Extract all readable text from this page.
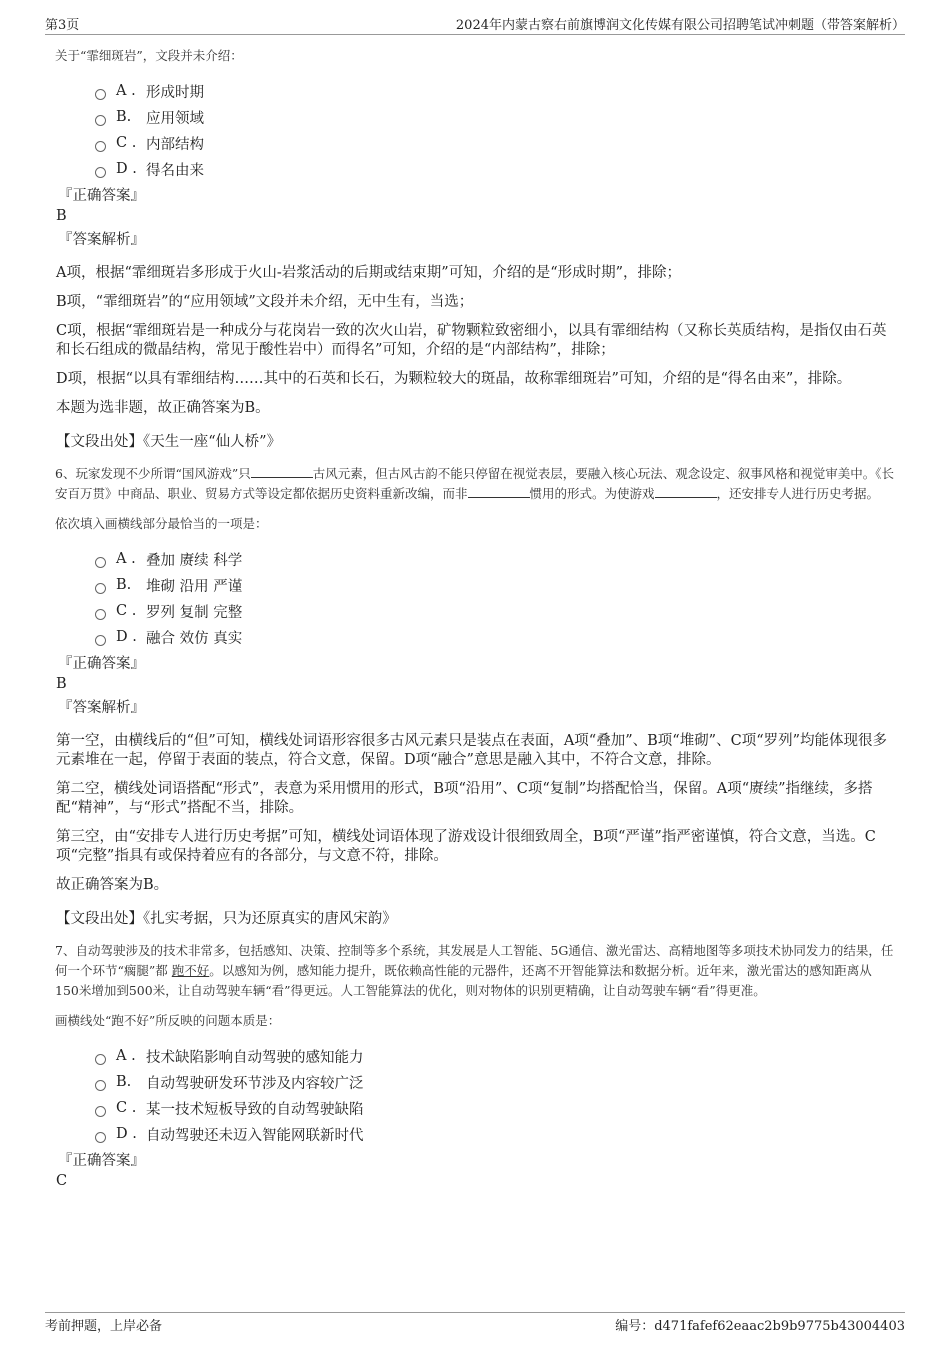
第3页	2024年内蒙古察右前旗博润文化传媒有限公司招聘笔试冲刺题（带答案解析）

关于“霏细斑岩”，文段并未介绍：

A . 形成时期
B.	应用领域
C . 内部结构
D . 得名由来
『正确答案』
B
『答案解析』

A项，根据“霏细斑岩多形成于火山-岩浆活动的后期或结束期”可知，介绍的是“形成时期”，排除；

B项，“霏细斑岩”的“应用领域”文段并未介绍，无中生有，当选；

C项，根据“霏细斑岩是一种成分与花岗岩一致的次火山岩，矿物颗粒致密细小，以具有霏细结构（又称长英质结构，是指仅由石英和长石组成的微晶结构，常见于酸性岩中）而得名”可知，介绍的是“内部结构”，排除；

D项，根据“以具有霏细结构……其中的石英和长石，为颗粒较大的斑晶，故称霏细斑岩”可知，介绍的是“得名由来”，排除。

本题为选非题，故正确答案为B。

【文段出处】《天生一座“仙人桥”》

6、玩家发现不少所谓“国风游戏”只	古风元素，但古风古韵不能只停留在视觉表层，要融入核心玩法、观念设定、叙事风格和视觉审美中。《长安百万贯》中商品、职业、贸易方式等设定都依据历史资料重新改编，而非	惯用的形式。为使游戏	，还安排专人进行历史考据。

依次填入画横线部分最恰当的一项是：

A . 叠加 赓续 科学
B.	堆砌 沿用 严谨
C . 罗列 复制 完整
D . 融合 效仿 真实
『正确答案』
B
『答案解析』

第一空，由横线后的“但”可知，横线处词语形容很多古风元素只是装点在表面，A项“叠加”、B项“堆砌”、C项“罗列”均能体现很多元素堆在一起，停留于表面的装点，符合文意，保留。D项“融合”意思是融入其中，不符合文意，排除。

第二空，横线处词语搭配“形式”，表意为采用惯用的形式，B项“沿用”、C项“复制”均搭配恰当，保留。A项“赓续”指继续，多搭配“精神”，与“形式”搭配不当，排除。

第三空，由“安排专人进行历史考据”可知，横线处词语体现了游戏设计很细致周全，B项“严谨”指严密谨慎，符合文意，当选。C项“完整”指具有或保持着应有的各部分，与文意不符，排除。

故正确答案为B。

【文段出处】《扎实考据，只为还原真实的唐风宋韵》

7、自动驾驶涉及的技术非常多，包括感知、决策、控制等多个系统，其发展是人工智能、5G通信、激光雷达、高精地图等多项技术协同发力的结果，任何一个环节“瘸腿”都 跑不好。以感知为例，感知能力提升，既依赖高性能的元器件，还离不开智能算法和数据分析。近年来，激光雷达的感知距离从150米增加到500米，让自动驾驶车辆“看”得更远。人工智能算法的优化，则对物体的识别更精确，让自动驾驶车辆“看”得更准。

画横线处“跑不好”所反映的问题本质是：

A . 技术缺陷影响自动驾驶的感知能力
B.	自动驾驶研发环节涉及内容较广泛
C . 某一技术短板导致的自动驾驶缺陷
D . 自动驾驶还未迈入智能网联新时代
『正确答案』
C
考前押题，上岸必备	编号：d471fafef62eaac2b9b9775b43004403
